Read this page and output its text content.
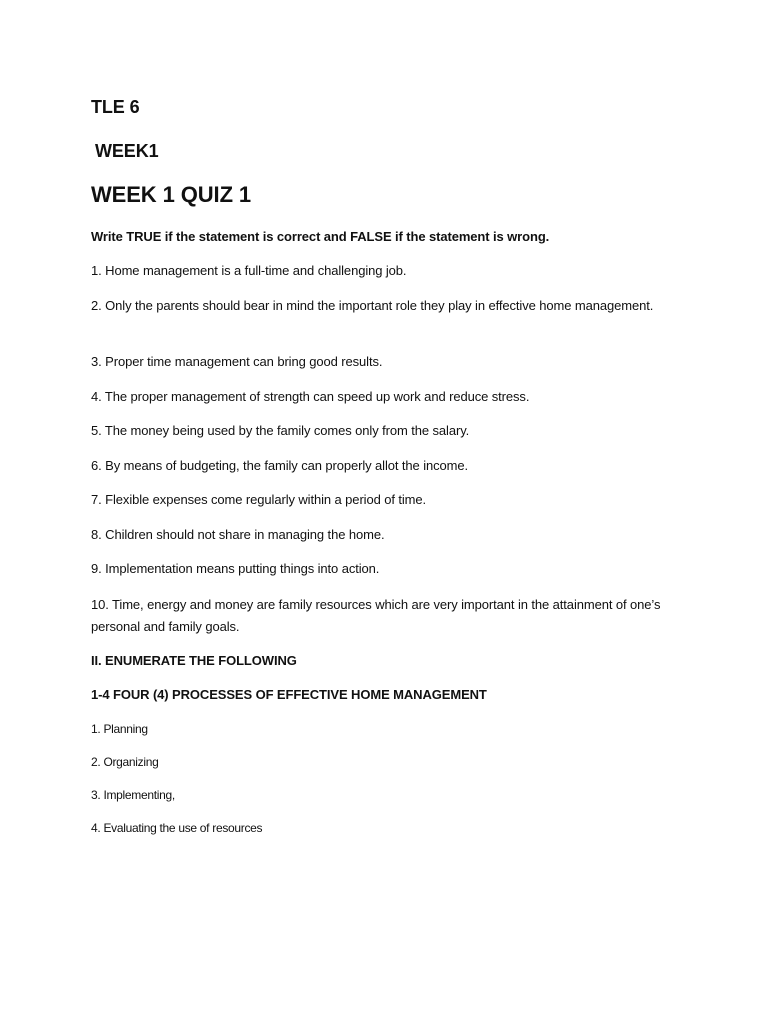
TLE 6

WEEK1

WEEK 1 QUIZ 1

Write TRUE if the statement is correct and FALSE if the statement is wrong.

1. Home management is a full-time and challenging job.

2. Only the parents should bear in mind the important role they play in effective home management.

3. Proper time management can bring good results.

4. The proper management of strength can speed up work and reduce stress.

5. The money being used by the family comes only from the salary.

6. By means of budgeting, the family can properly allot the income.

7. Flexible expenses come regularly within a period of time.

8. Children should not share in managing the home.

9. Implementation means putting things into action.

10. Time, energy and money are family resources which are very important in the attainment of one’s personal and family goals.

II. ENUMERATE THE FOLLOWING

1-4 FOUR (4) PROCESSES OF EFFECTIVE HOME MANAGEMENT

1. Planning

2. Organizing

3. Implementing,

4. Evaluating the use of resources
